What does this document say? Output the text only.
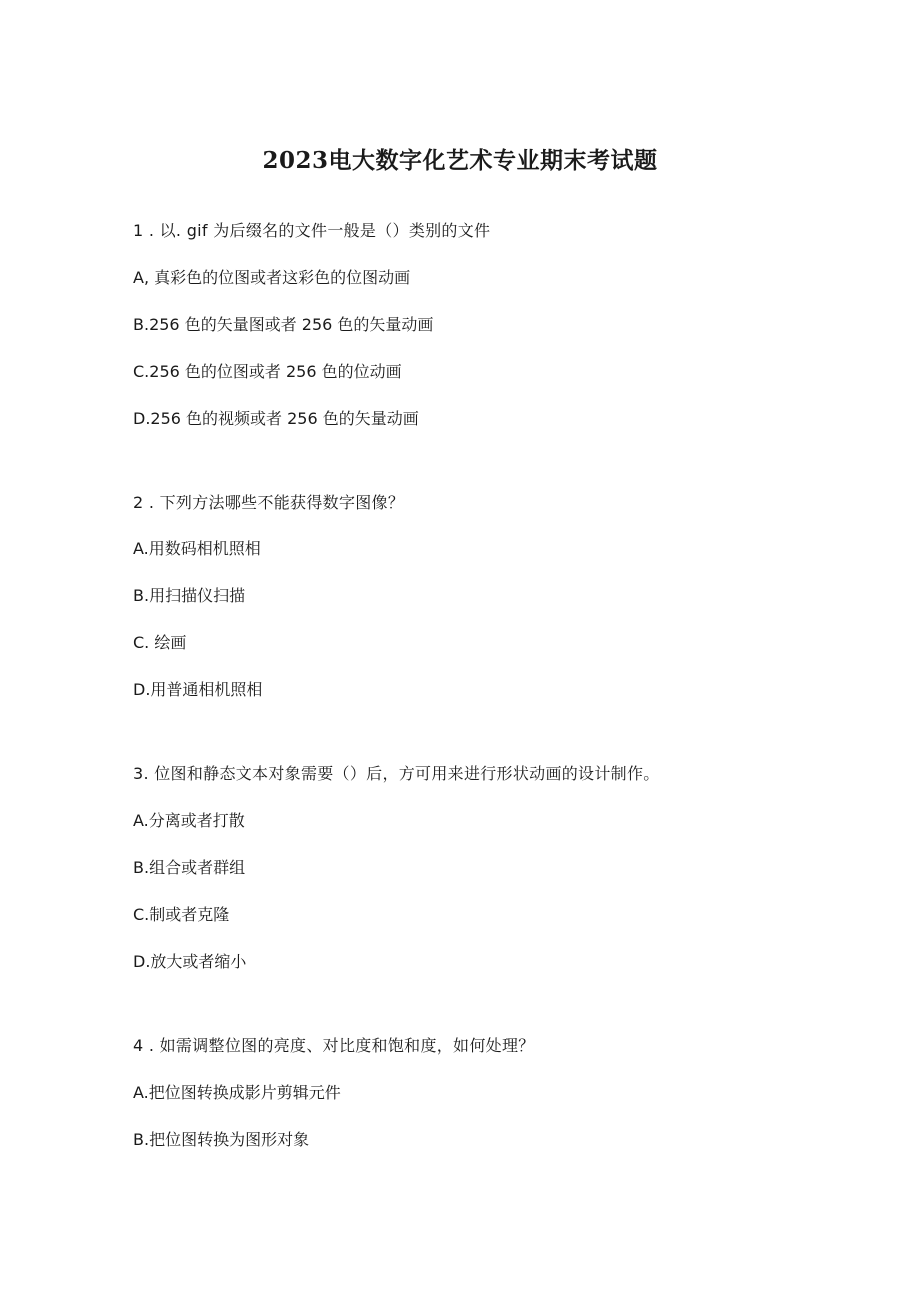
2023电大数字化艺术专业期末考试题
1 . 以. gif 为后缀名的文件一般是（）类别的文件
A, 真彩色的位图或者这彩色的位图动画
B.256 色的矢量图或者 256 色的矢量动画
C.256 色的位图或者 256 色的位动画
D.256 色的视频或者 256 色的矢量动画
2 . 下列方法哪些不能获得数字图像？
A.用数码相机照相
B.用扫描仪扫描
C. 绘画
D.用普通相机照相
3. 位图和静态文本对象需要（）后，方可用来进行形状动画的设计制作。
A.分离或者打散
B.组合或者群组
C.制或者克隆
D.放大或者缩小
4 . 如需调整位图的亮度、对比度和饱和度，如何处理？
A.把位图转换成影片剪辑元件
B.把位图转换为图形对象
